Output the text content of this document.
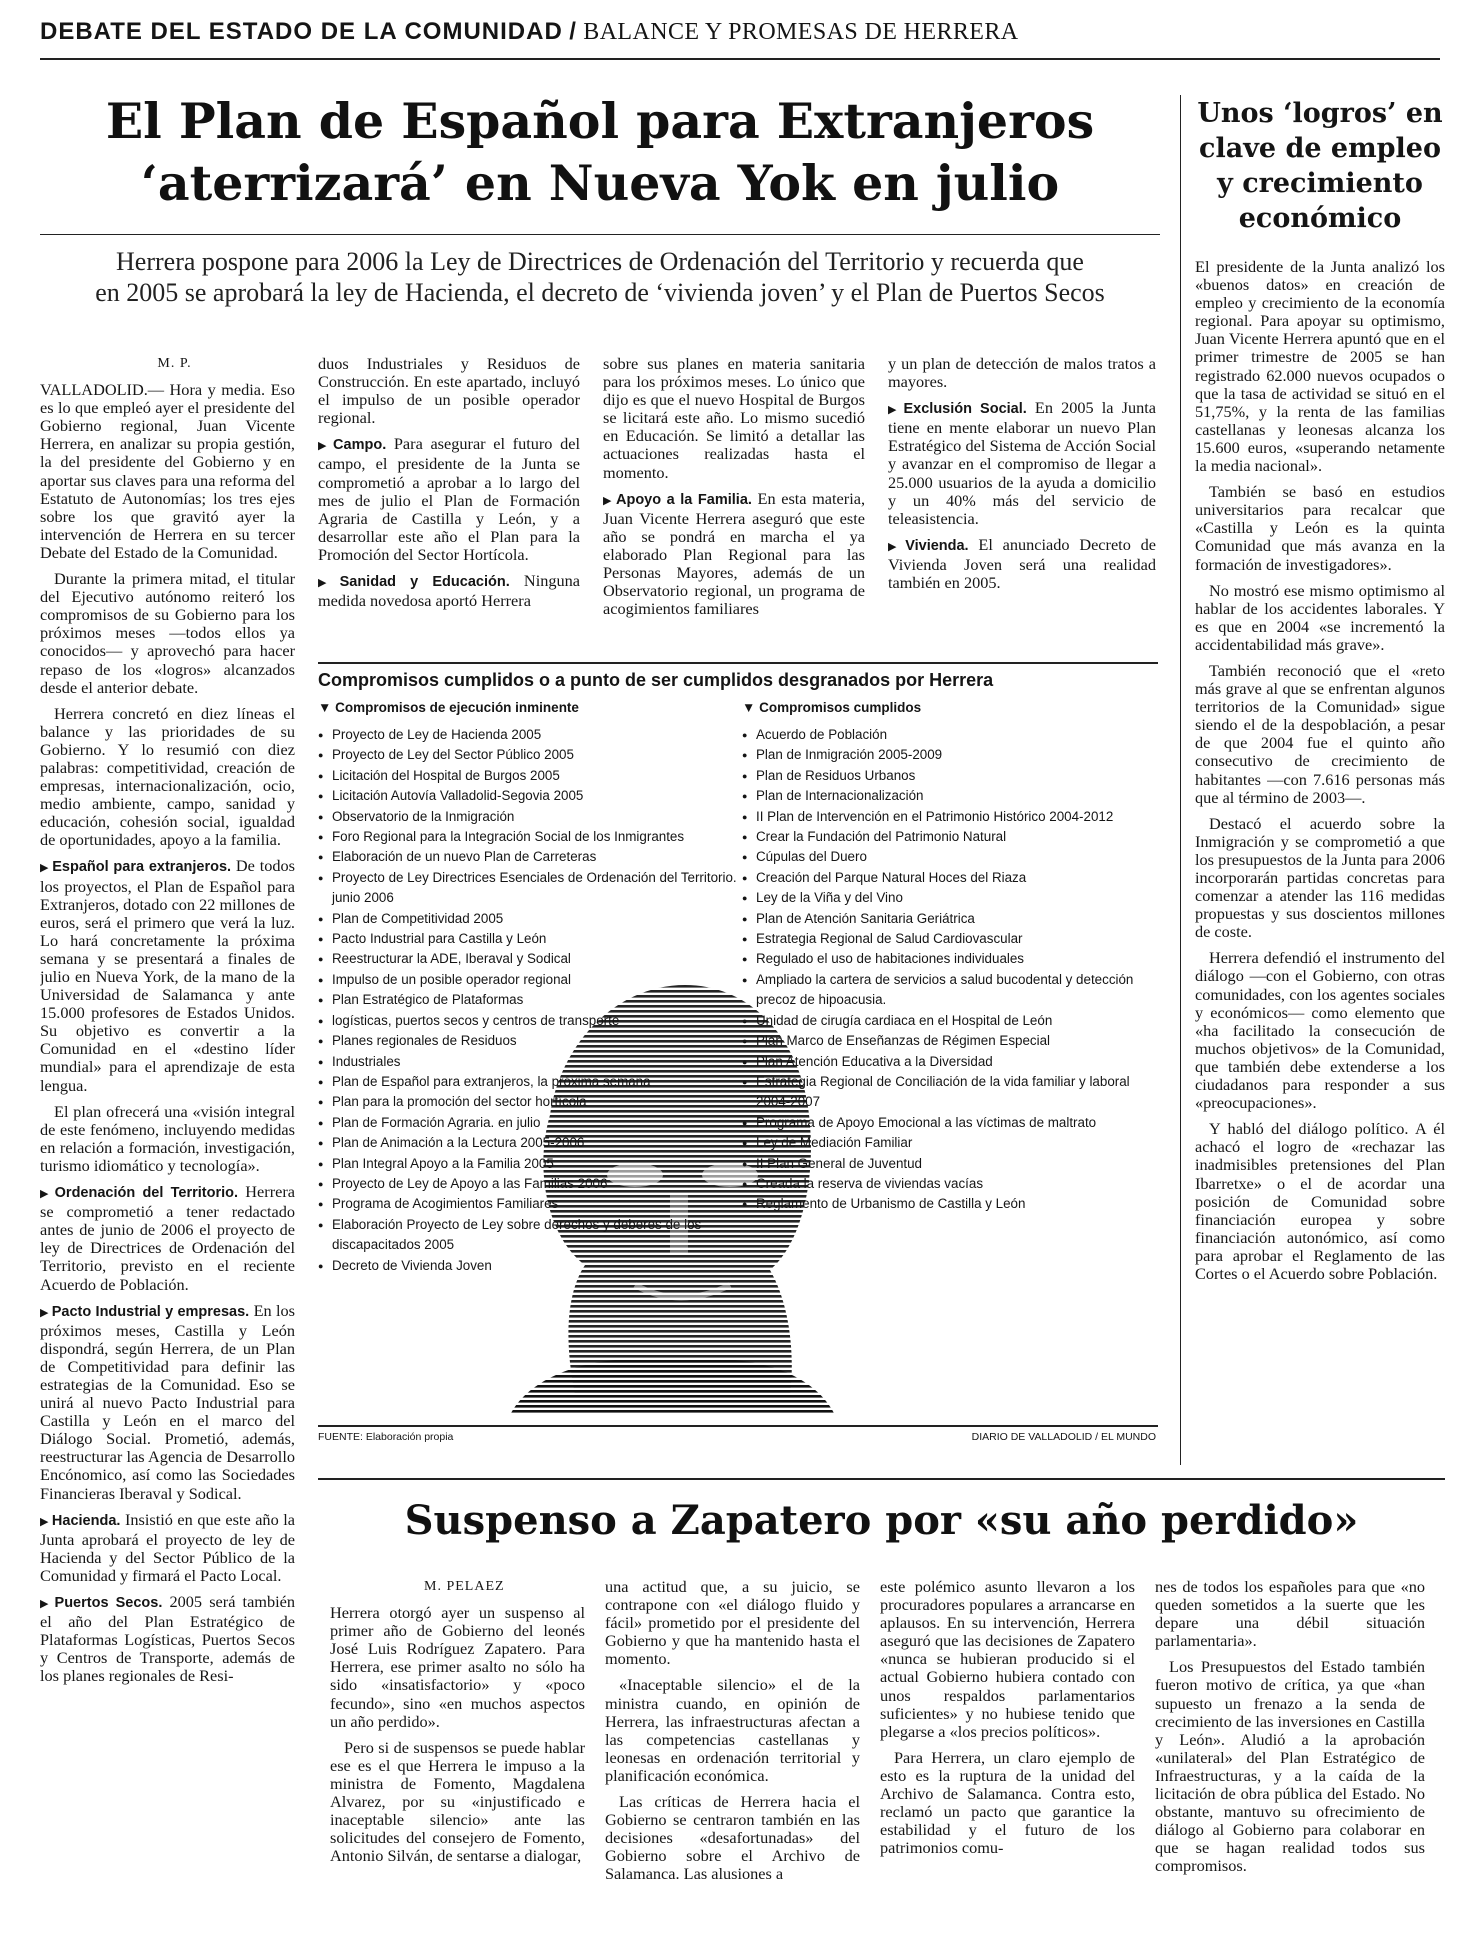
DEBATE DEL ESTADO DE LA COMUNIDAD / BALANCE Y PROMESAS DE HERRERA
El Plan de Español para Extranjeros
‘aterrizará’ en Nueva Yok en julio
Herrera pospone para 2006 la Ley de Directrices de Ordenación del Territorio y recuerda que
en 2005 se aprobará la ley de Hacienda, el decreto de ‘vivienda joven’ y el Plan de Puertos Secos

M. P.

VALLADOLID.— Hora y media. Eso es lo que empleó ayer el presidente del Gobierno regional, Juan Vicente Herrera, en analizar su propia gestión, la del presidente del Gobierno y en aportar sus claves para una reforma del Estatuto de Autonomías; los tres ejes sobre los que gravitó ayer la intervención de Herrera en su tercer Debate del Estado de la Comunidad.

Durante la primera mitad, el titular del Ejecutivo autónomo reiteró los compromisos de su Gobierno para los próximos meses —todos ellos ya conocidos— y aprovechó para hacer repaso de los «logros» alcanzados desde el anterior debate.

Herrera concretó en diez líneas el balance y las prioridades de su Gobierno. Y lo resumió con diez palabras: competitividad, creación de empresas, internacionalización, ocio, medio ambiente, campo, sanidad y educación, cohesión social, igualdad de oportunidades, apoyo a la familia.

▶ Español para extranjeros. De todos los proyectos, el Plan de Español para Extranjeros, dotado con 22 millones de euros, será el primero que verá la luz. Lo hará concretamente la próxima semana y se presentará a finales de julio en Nueva York, de la mano de la Universidad de Salamanca y ante 15.000 profesores de Estados Unidos. Su objetivo es convertir a la Comunidad en el «destino líder mundial» para el aprendizaje de esta lengua.

El plan ofrecerá una «visión integral de este fenómeno, incluyendo medidas en relación a formación, investigación, turismo idiomático y tecnología».

▶ Ordenación del Territorio. Herrera se comprometió a tener redactado antes de junio de 2006 el proyecto de ley de Directrices de Ordenación del Territorio, previsto en el reciente Acuerdo de Población.

▶ Pacto Industrial y empresas. En los próximos meses, Castilla y León dispondrá, según Herrera, de un Plan de Competitividad para definir las estrategias de la Comunidad. Eso se unirá al nuevo Pacto Industrial para Castilla y León en el marco del Diálogo Social. Prometió, además, reestructurar las Agencia de Desarrollo Encónomico, así como las Sociedades Financieras Iberaval y Sodical.

▶ Hacienda. Insistió en que este año la Junta aprobará el proyecto de ley de Hacienda y del Sector Público de la Comunidad y firmará el Pacto Local.

▶ Puertos Secos. 2005 será también el año del Plan Estratégico de Plataformas Logísticas, Puertos Secos y Centros de Transporte, además de los planes regionales de Resi-

duos Industriales y Residuos de Construcción. En este apartado, incluyó el impulso de un posible operador regional.

▶ Campo. Para asegurar el futuro del campo, el presidente de la Junta se comprometió a aprobar a lo largo del mes de julio el Plan de Formación Agraria de Castilla y León, y a desarrollar este año el Plan para la Promoción del Sector Hortícola.

▶ Sanidad y Educación. Ninguna medida novedosa aportó Herrera

sobre sus planes en materia sanitaria para los próximos meses. Lo único que dijo es que el nuevo Hospital de Burgos se licitará este año. Lo mismo sucedió en Educación. Se limitó a detallar las actuaciones realizadas hasta el momento.

▶ Apoyo a la Familia. En esta materia, Juan Vicente Herrera aseguró que este año se pondrá en marcha el ya elaborado Plan Regional para las Personas Mayores, además de un Observatorio regional, un programa de acogimientos familiares

y un plan de detección de malos tratos a mayores.

▶ Exclusión Social. En 2005 la Junta tiene en mente elaborar un nuevo Plan Estratégico del Sistema de Acción Social y avanzar en el compromiso de llegar a 25.000 usuarios de la ayuda a domicilio y un 40% más del servicio de teleasistencia.

▶ Vivienda. El anunciado Decreto de Vivienda Joven será una realidad también en 2005.

Compromisos cumplidos o a punto de ser cumplidos desgranados por Herrera
▼ Compromisos de ejecución inminente
● Proyecto de Ley de Hacienda 2005
● Proyecto de Ley del Sector Público 2005
● Licitación del Hospital de Burgos 2005
● Licitación Autovía Valladolid-Segovia 2005
● Observatorio de la Inmigración
● Foro Regional para la Integración Social de los Inmigrantes
● Elaboración de un nuevo Plan de Carreteras
● Proyecto de Ley Directrices Esenciales de Ordenación del Territorio. junio 2006
● Plan de Competitividad 2005
● Pacto Industrial para Castilla y León
● Reestructurar la ADE, Iberaval y Sodical
● Impulso de un posible operador regional
● Plan Estratégico de Plataformas
● logísticas, puertos secos y centros de transporte
● Planes regionales de Residuos
● Industriales
● Plan de Español para extranjeros, la próxima semana
● Plan para la promoción del sector hortícola
● Plan de Formación Agraria. en julio
● Plan de Animación a la Lectura 2005-2006
● Plan Integral Apoyo a la Familia 2005
● Proyecto de Ley de Apoyo a las Familias 2006
● Programa de Acogimientos Familiares
● Elaboración Proyecto de Ley sobre derechos y deberes de los discapacitados 2005
● Decreto de Vivienda Joven
▼ Compromisos cumplidos
● Acuerdo de Población
● Plan de Inmigración 2005-2009
● Plan de Residuos Urbanos
● Plan de Internacionalización
● II Plan de Intervención en el Patrimonio Histórico 2004-2012
● Crear la Fundación del Patrimonio Natural
● Cúpulas del Duero
● Creación del Parque Natural Hoces del Riaza
● Ley de la Viña y del Vino
● Plan de Atención Sanitaria Geriátrica
● Estrategia Regional de Salud Cardiovascular
● Regulado el uso de habitaciones individuales
● Ampliado la cartera de servicios a salud bucodental y detección precoz de hipoacusia.
● Unidad de cirugía cardiaca en el Hospital de León
● Plan Marco de Enseñanzas de Régimen Especial
● Plan Atención Educativa a la Diversidad
● Estrategia Regional de Conciliación de la vida familiar y laboral 2004-2007
● Programa de Apoyo Emocional a las víctimas de maltrato
● Ley de Mediación Familiar
● II Plan General de Juventud
● Creada la reserva de viviendas vacías
● Reglamento de Urbanismo de Castilla y León
FUENTE: Elaboración propia	DIARIO DE VALLADOLID / EL MUNDO
Unos ‘logros’ en clave de empleo y crecimiento económico

El presidente de la Junta analizó los «buenos datos» en creación de empleo y crecimiento de la economía regional. Para apoyar su optimismo, Juan Vicente Herrera apuntó que en el primer trimestre de 2005 se han registrado 62.000 nuevos ocupados o que la tasa de actividad se situó en el 51,75%, y la renta de las familias castellanas y leonesas alcanza los 15.600 euros, «superando netamente la media nacional».

También se basó en estudios universitarios para recalcar que «Castilla y León es la quinta Comunidad que más avanza en la formación de investigadores».

No mostró ese mismo optimismo al hablar de los accidentes laborales. Y es que en 2004 «se incrementó la accidentabilidad más grave».

También reconoció que el «reto más grave al que se enfrentan algunos territorios de la Comunidad» sigue siendo el de la despoblación, a pesar de que 2004 fue el quinto año consecutivo de crecimiento de habitantes —con 7.616 personas más que al término de 2003—.

Destacó el acuerdo sobre la Inmigración y se comprometió a que los presupuestos de la Junta para 2006 incorporarán partidas concretas para comenzar a atender las 116 medidas propuestas y sus doscientos millones de coste.

Herrera defendió el instrumento del diálogo —con el Gobierno, con otras comunidades, con los agentes sociales y económicos— como elemento que «ha facilitado la consecución de muchos objetivos» de la Comunidad, que también debe extenderse a los ciudadanos para responder a sus «preocupaciones».

Y habló del diálogo político. A él achacó el logro de «rechazar las inadmisibles pretensiones del Plan Ibarretxe» o el de acordar una posición de Comunidad sobre financiación europea y sobre financiación autonómico, así como para aprobar el Reglamento de las Cortes o el Acuerdo sobre Población.

Suspenso a Zapatero por «su año perdido»

M. PELAEZ

Herrera otorgó ayer un suspenso al primer año de Gobierno del leonés José Luis Rodríguez Zapatero. Para Herrera, ese primer asalto no sólo ha sido «insatisfactorio» y «poco fecundo», sino «en muchos aspectos un año perdido».

Pero si de suspensos se puede hablar ese es el que Herrera le impuso a la ministra de Fomento, Magdalena Alvarez, por su «injustificado e inaceptable silencio» ante las solicitudes del consejero de Fomento, Antonio Silván, de sentarse a dialogar,

una actitud que, a su juicio, se contrapone con «el diálogo fluido y fácil» prometido por el presidente del Gobierno y que ha mantenido hasta el momento.

«Inaceptable silencio» el de la ministra cuando, en opinión de Herrera, las infraestructuras afectan a las competencias castellanas y leonesas en ordenación territorial y planificación económica.

Las críticas de Herrera hacia el Gobierno se centraron también en las decisiones «desafortunadas» del Gobierno sobre el Archivo de Salamanca. Las alusiones a

este polémico asunto llevaron a los procuradores populares a arrancarse en aplausos. En su intervención, Herrera aseguró que las decisiones de Zapatero «nunca se hubieran producido si el actual Gobierno hubiera contado con unos respaldos parlamentarios suficientes» y no hubiese tenido que plegarse a «los precios políticos».

Para Herrera, un claro ejemplo de esto es la ruptura de la unidad del Archivo de Salamanca. Contra esto, reclamó un pacto que garantice la estabilidad y el futuro de los patrimonios comu-

nes de todos los españoles para que «no queden sometidos a la suerte que les depare una débil situación parlamentaria».

Los Presupuestos del Estado también fueron motivo de crítica, ya que «han supuesto un frenazo a la senda de crecimiento de las inversiones en Castilla y León». Aludió a la aprobación «unilateral» del Plan Estratégico de Infraestructuras, y a la caída de la licitación de obra pública del Estado. No obstante, mantuvo su ofrecimiento de diálogo al Gobierno para colaborar en que se hagan realidad todos sus compromisos.
